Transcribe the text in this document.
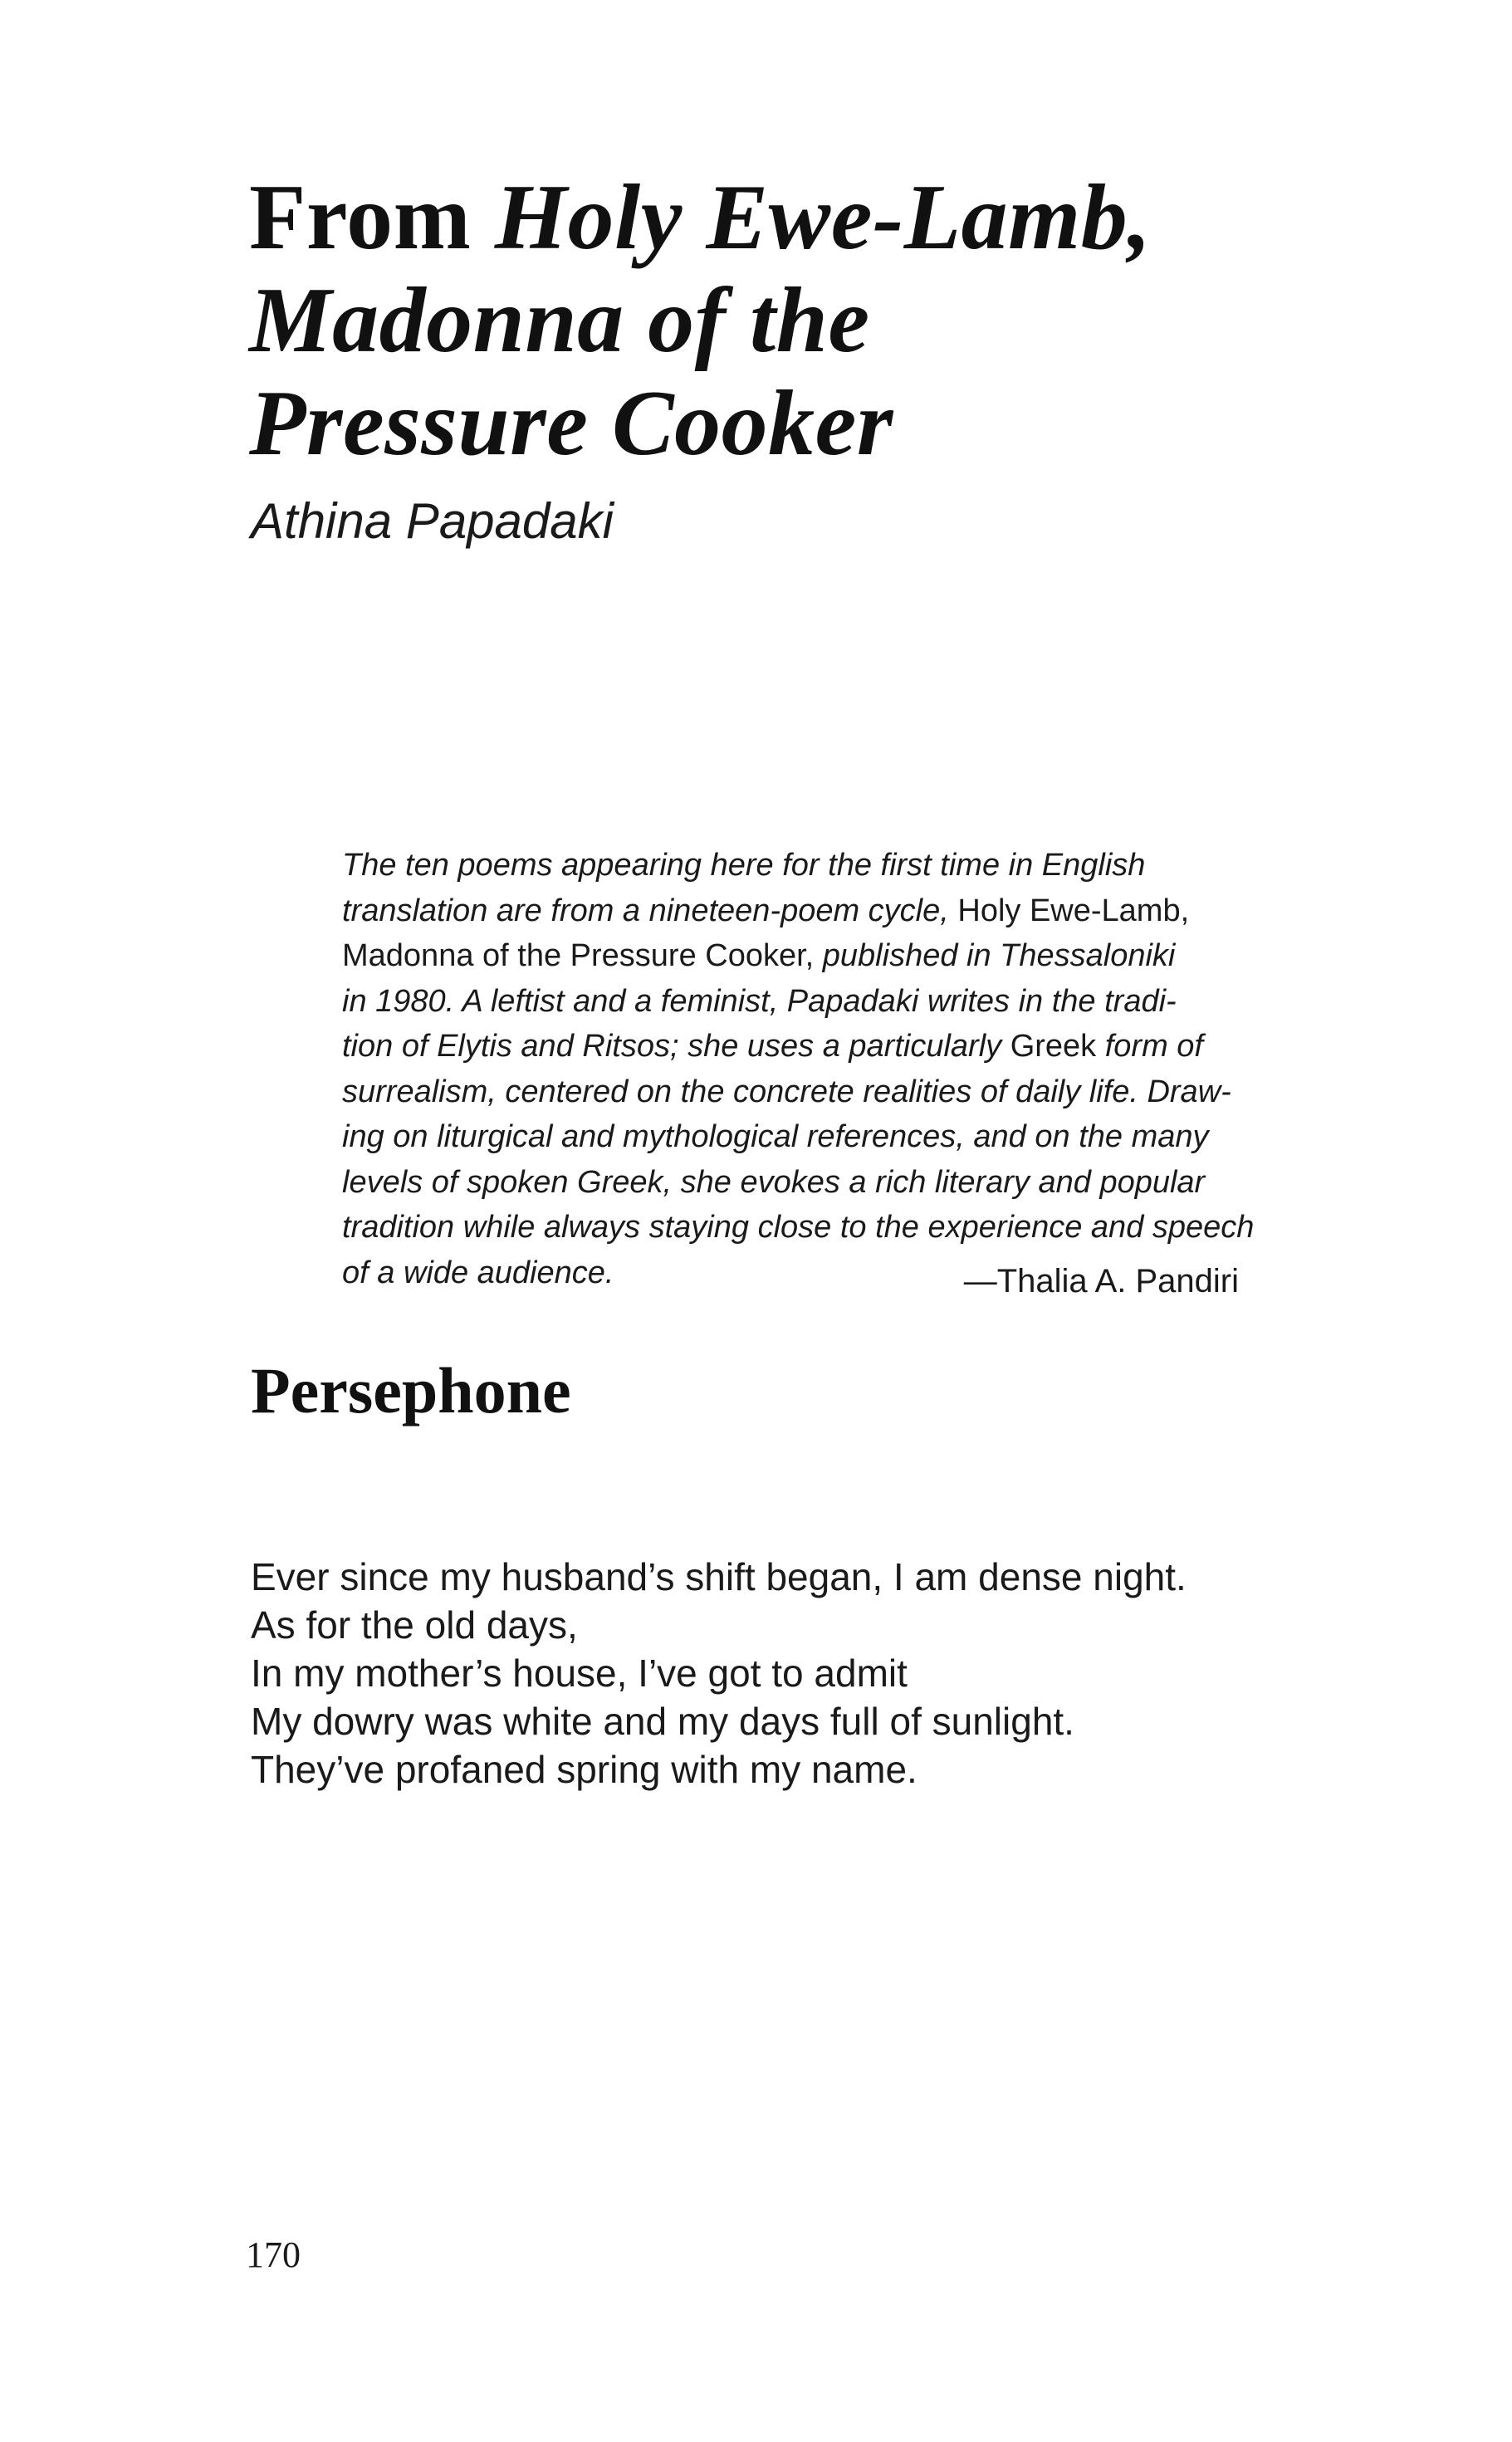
From Holy Ewe-Lamb,
Madonna of the
Pressure Cooker

Athina Papadaki

The ten poems appearing here for the first time in English
translation are from a nineteen-poem cycle, Holy Ewe-Lamb,
Madonna of the Pressure Cooker, published in Thessaloniki
in 1980. A leftist and a feminist, Papadaki writes in the tradi-
tion of Elytis and Ritsos; she uses a particularly Greek form of
surrealism, centered on the concrete realities of daily life. Draw-
ing on liturgical and mythological references, and on the many
levels of spoken Greek, she evokes a rich literary and popular
tradition while always staying close to the experience and speech
of a wide audience.	—Thalia A. Pandiri

Persephone
Ever since my husband’s shift began, I am dense night.
As for the old days,
In my mother’s house, I’ve got to admit
My dowry was white and my days full of sunlight.
They’ve profaned spring with my name.

170
